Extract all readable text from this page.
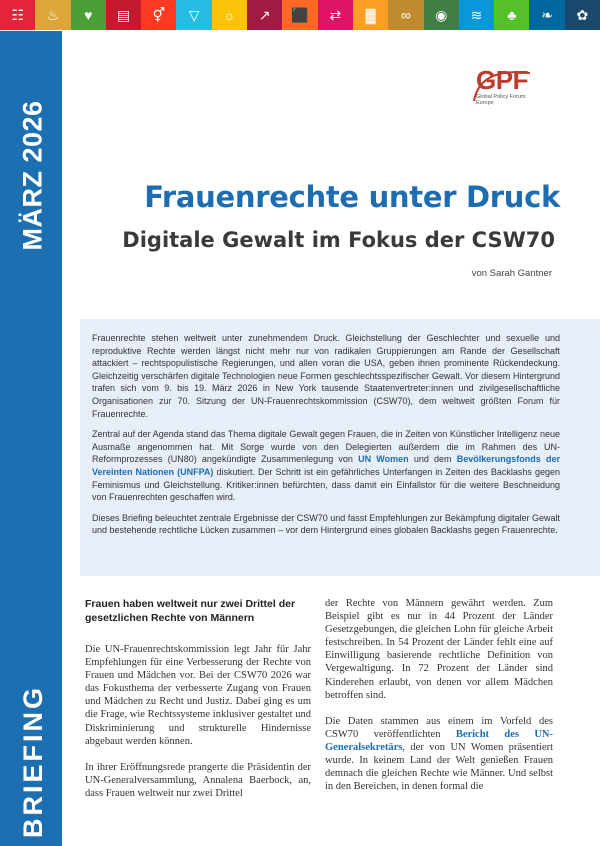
☷	♨	♥	▤	⚥	▽	☼	↗	⬛	⇄	▓	∞	◉	≋	♣	❧	✿
MÄRZ 2026
BRIEFING
GPF
Global Policy Forum Europe
Frauenrechte unter Druck
Digitale Gewalt im Fokus der CSW70
von Sarah Gantner

Frauenrechte stehen weltweit unter zunehmendem Druck. Gleichstellung der Geschlechter und sexuelle und reproduktive Rechte werden längst nicht mehr nur von radikalen Gruppierungen am Rande der Gesellschaft attackiert – rechtspopulistische Regierungen, und allen voran die USA, geben ihnen prominente Rückendeckung. Gleichzeitig verschärfen digitale Technologien neue Formen geschlechtsspezifischer Gewalt. Vor diesem Hintergrund trafen sich vom 9. bis 19. März 2026 in New York tausende Staatenvertreter:innen und zivilgesellschaftliche Organisationen zur 70. Sitzung der UN-Frauenrechtskommission (CSW70), dem weltweit größten Forum für Frauenrechte.

Zentral auf der Agenda stand das Thema digitale Gewalt gegen Frauen, die in Zeiten von Künstlicher Intelligenz neue Ausmaße angenommen hat. Mit Sorge wurde von den Delegierten außerdem die im Rahmen des UN-Reformprozesses (UN80) angekündigte Zusammenlegung von UN Women und dem Bevölkerungsfonds der Vereinten Nationen (UNFPA) diskutiert. Der Schritt ist ein gefährliches Unterfangen in Zeiten des Backlashs gegen Feminismus und Gleichstellung. Kritiker:innen befürchten, dass damit ein Einfallstor für die weitere Beschneidung von Frauenrechten geschaffen wird.

Dieses Briefing beleuchtet zentrale Ergebnisse der CSW70 und fasst Empfehlungen zur Bekämpfung digitaler Gewalt und bestehende rechtliche Lücken zusammen – vor dem Hintergrund eines globalen Backlashs gegen Frauenrechte.

Frauen haben weltweit nur zwei Drittel der gesetzlichen Rechte von Männern

Die UN-Frauenrechtskommission legt Jahr für Jahr Empfehlungen für eine Verbesserung der Rechte von Frauen und Mädchen vor. Bei der CSW70 2026 war das Fokusthema der verbesserte Zugang von Frauen und Mädchen zu Recht und Justiz. Dabei ging es um die Frage, wie Rechtssysteme inklusiver gestaltet und Diskriminierung und strukturelle Hindernisse abgebaut werden können.

In ihrer Eröffnungsrede prangerte die Präsidentin der UN-Generalversammlung, Annalena Baerbock, an, dass Frauen weltweit nur zwei Drittel

der Rechte von Männern gewährt werden. Zum Beispiel gibt es nur in 44 Prozent der Länder Gesetzgebungen, die gleichen Lohn für gleiche Arbeit festschreiben. In 54 Prozent der Länder fehlt eine auf Einwilligung basierende rechtliche Definition von Vergewaltigung. In 72 Prozent der Länder sind Kinderehen erlaubt, von denen vor allem Mädchen betroffen sind.

Die Daten stammen aus einem im Vorfeld des CSW70 veröffentlichten Bericht des UN-Generalsekretärs, der von UN Women präsentiert wurde. In keinem Land der Welt genießen Frauen demnach die gleichen Rechte wie Männer. Und selbst in den Bereichen, in denen formal die
